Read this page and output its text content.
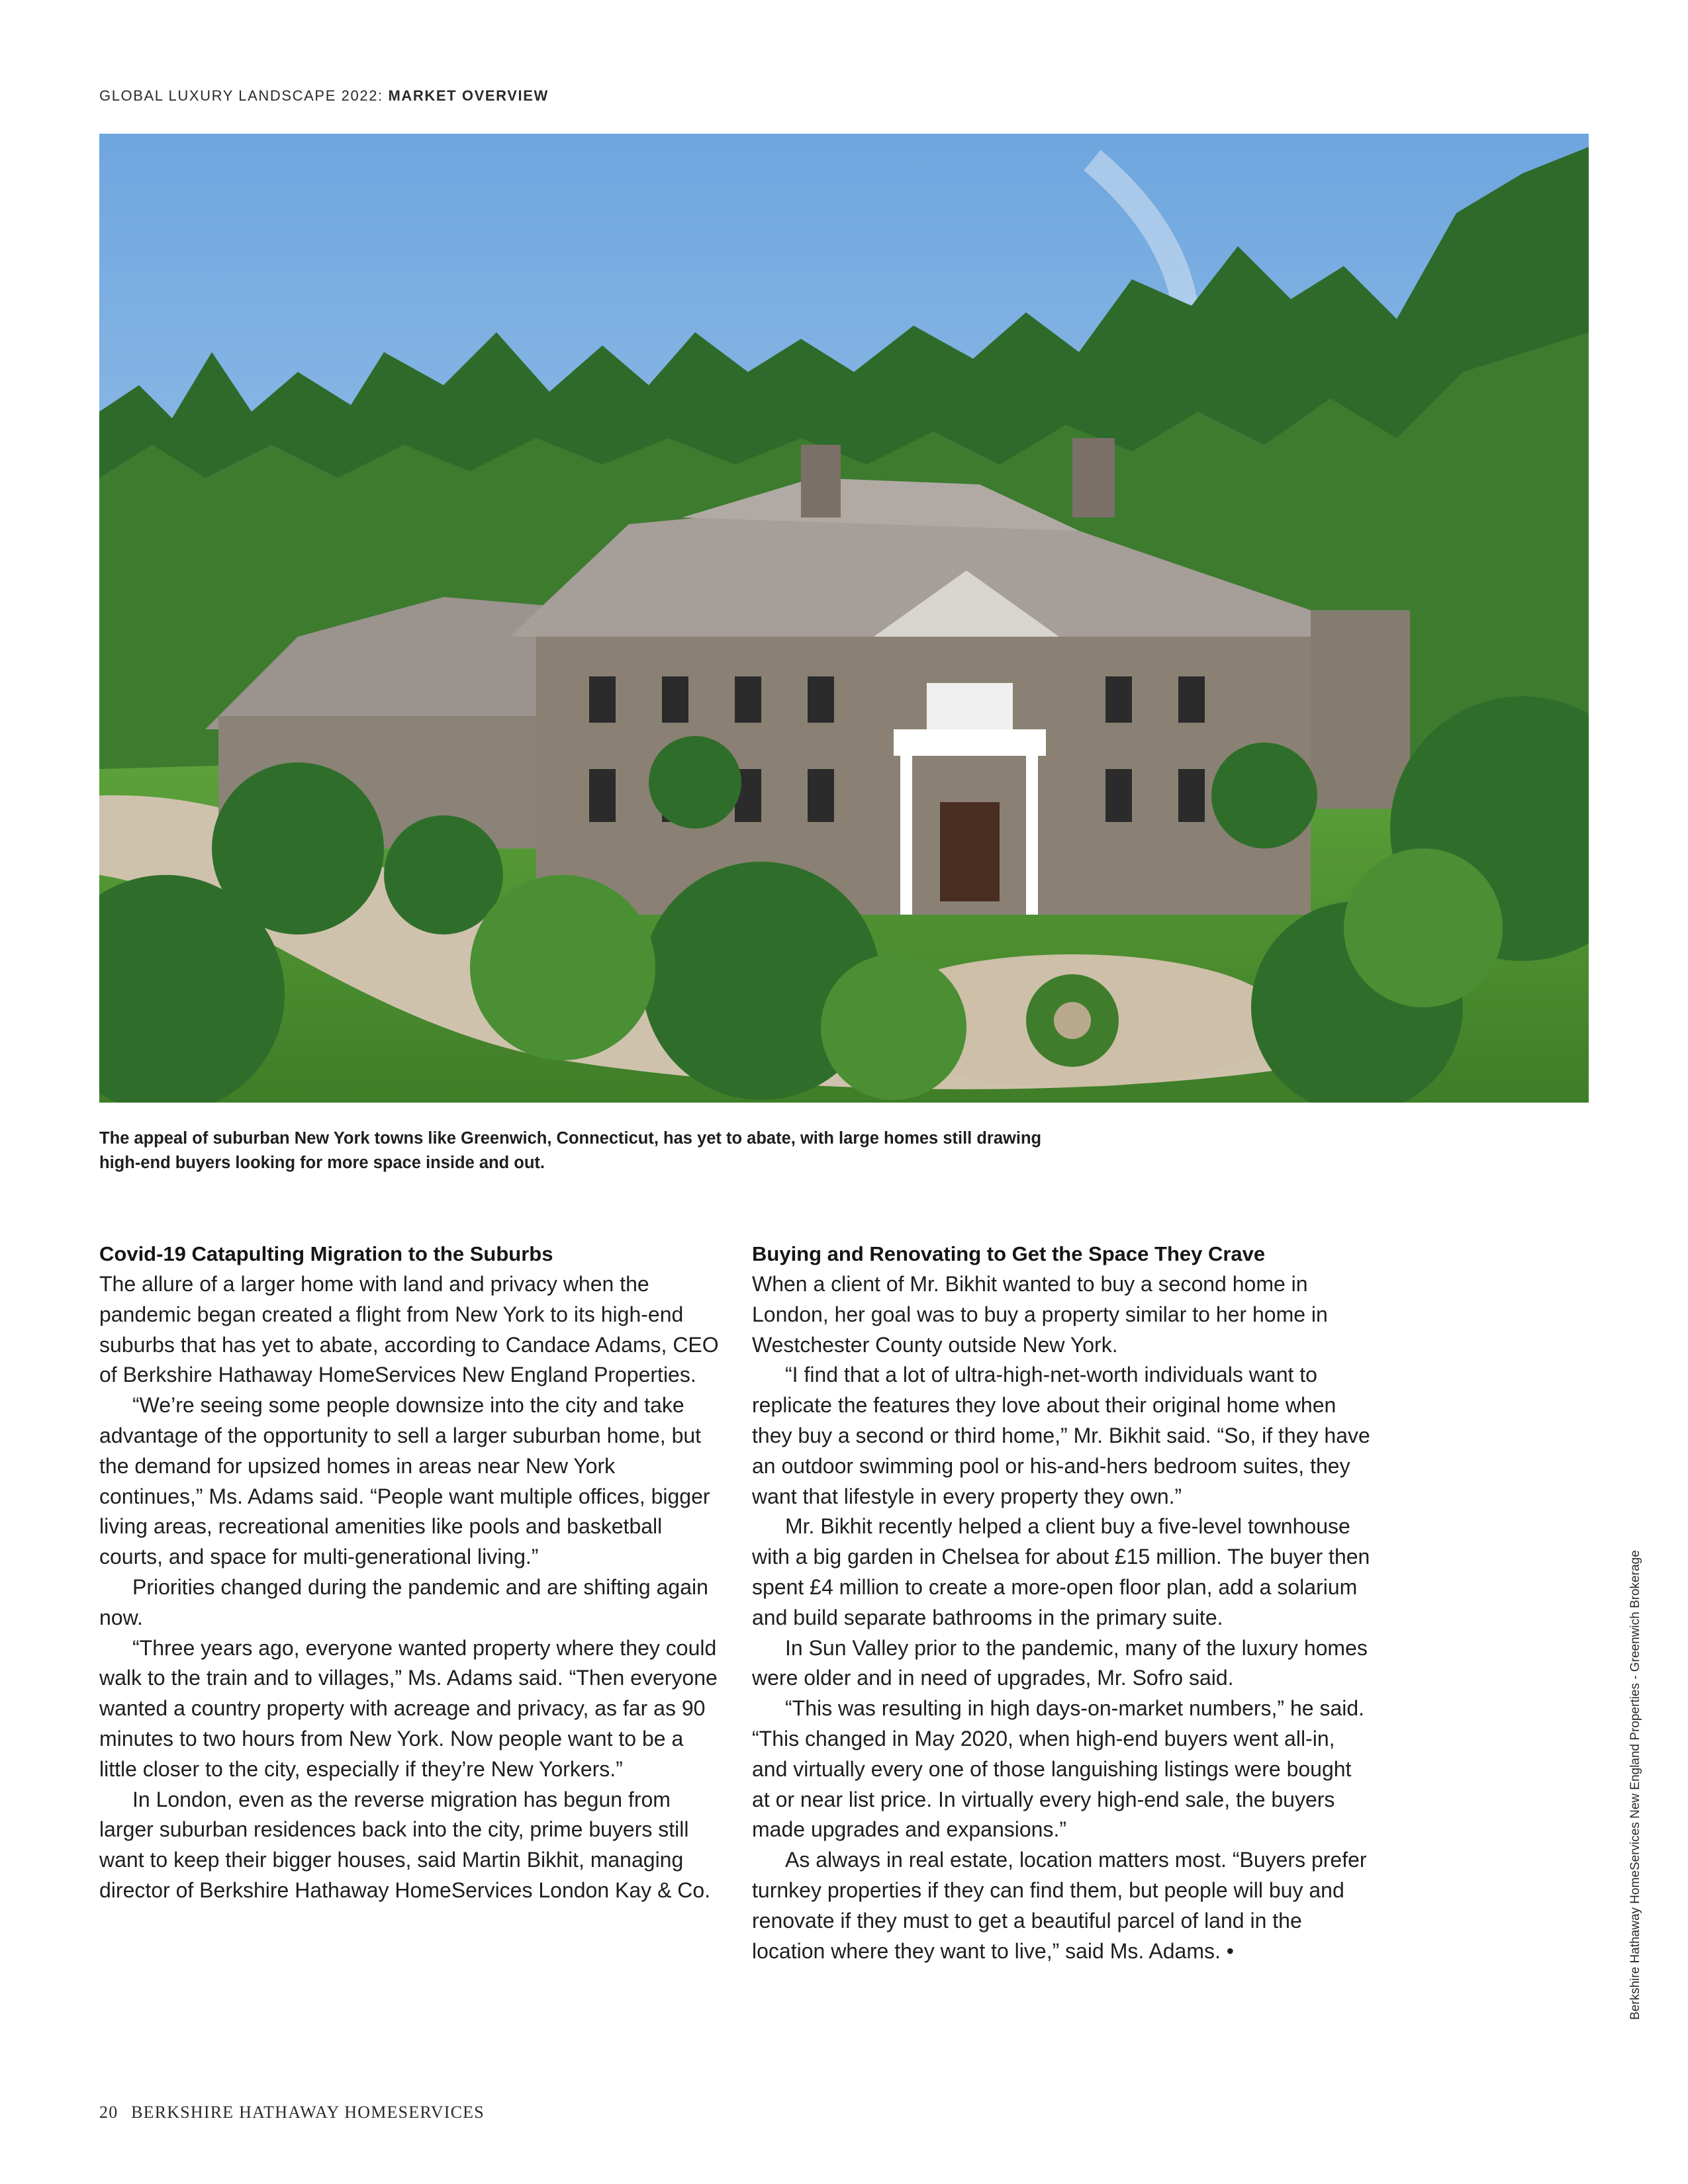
GLOBAL LUXURY LANDSCAPE 2022: MARKET OVERVIEW
The appeal of suburban New York towns like Greenwich, Connecticut, has yet to abate, with large homes still drawing
high-end buyers looking for more space inside and out.
Covid-19 Catapulting Migration to the Suburbs

The allure of a larger home with land and privacy when the pandemic began created a flight from New York to its high-end suburbs that has yet to abate, according to Candace Adams, CEO of Berkshire Hathaway HomeServices New England Properties.

“We’re seeing some people downsize into the city and take advantage of the opportunity to sell a larger suburban home, but the demand for upsized homes in areas near New York continues,” Ms. Adams said. “People want multiple offices, bigger living areas, recreational amenities like pools and basketball courts, and space for multi-generational living.”

Priorities changed during the pandemic and are shifting again now.

“Three years ago, everyone wanted property where they could walk to the train and to villages,” Ms. Adams said. “Then everyone wanted a country property with acreage and privacy, as far as 90 minutes to two hours from New York. Now people want to be a little closer to the city, especially if they’re New Yorkers.”

In London, even as the reverse migration has begun from larger suburban residences back into the city, prime buyers still want to keep their bigger houses, said Martin Bikhit, managing director of Berkshire Hathaway HomeServices London Kay & Co.

Buying and Renovating to Get the Space They Crave

When a client of Mr. Bikhit wanted to buy a second home in London, her goal was to buy a property similar to her home in Westchester County outside New York.

“I find that a lot of ultra-high-net-worth individuals want to replicate the features they love about their original home when they buy a second or third home,” Mr. Bikhit said. “So, if they have an outdoor swimming pool or his-and-hers bedroom suites, they want that lifestyle in every property they own.”

Mr. Bikhit recently helped a client buy a five-level townhouse with a big garden in Chelsea for about £15 million. The buyer then spent £4 million to create a more-open floor plan, add a solarium and build separate bathrooms in the primary suite.

In Sun Valley prior to the pandemic, many of the luxury homes were older and in need of upgrades, Mr. Sofro said.

“This was resulting in high days-on-market numbers,” he said. “This changed in May 2020, when high-end buyers went all-in, and virtually every one of those languishing listings were bought at or near list price. In virtually every high-end sale, the buyers made upgrades and expansions.”

As always in real estate, location matters most. “Buyers prefer turnkey properties if they can find them, but people will buy and renovate if they must to get a beautiful parcel of land in the location where they want to live,” said Ms. Adams. •	Berkshire Hathaway HomeServices New England Properties - Greenwich Brokerage
20 BERKSHIRE HATHAWAY HOMESERVICES
